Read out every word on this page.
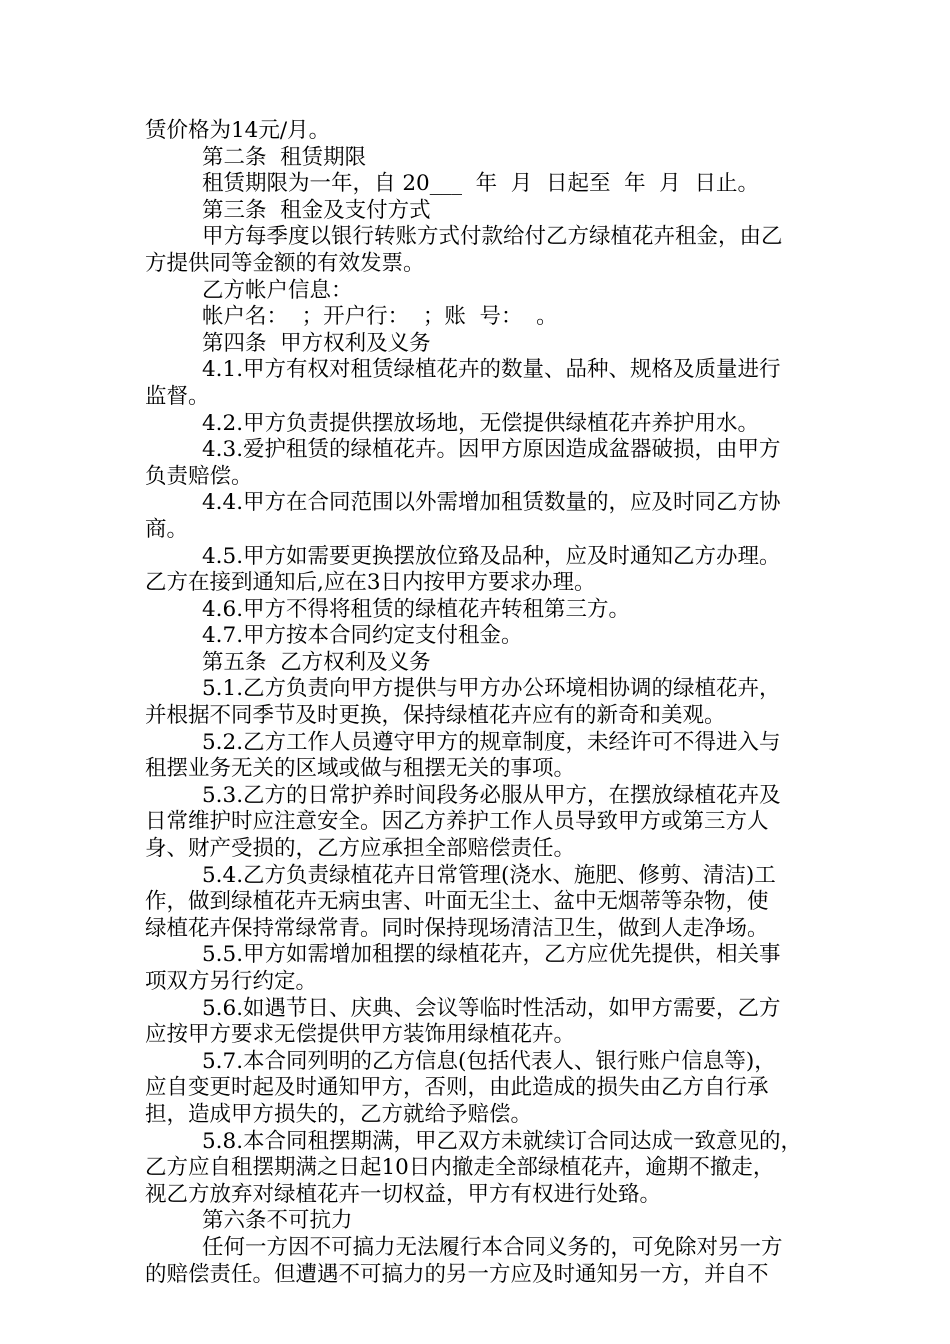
赁价格为14元/月。
第二条  租赁期限
租赁期限为一年，自 20___  年  月  日起至  年  月  日止。
第三条  租金及支付方式
甲方每季度以银行转账方式付款给付乙方绿植花卉租金，由乙
方提供同等金额的有效发票。
乙方帐户信息：
帐户名：  ；开户行：  ；账  号：  。
第四条  甲方权利及义务
4.1.甲方有权对租赁绿植花卉的数量、品种、规格及质量进行
监督。
4.2.甲方负责提供摆放场地，无偿提供绿植花卉养护用水。
4.3.爱护租赁的绿植花卉。因甲方原因造成盆器破损，由甲方
负责赔偿。
4.4.甲方在合同范围以外需增加租赁数量的，应及时同乙方协
商。
4.5.甲方如需要更换摆放位臵及品种，应及时通知乙方办理。
乙方在接到通知后,应在3日内按甲方要求办理。
4.6.甲方不得将租赁的绿植花卉转租第三方。
4.7.甲方按本合同约定支付租金。
第五条  乙方权利及义务
5.1.乙方负责向甲方提供与甲方办公环境相协调的绿植花卉，
并根据不同季节及时更换，保持绿植花卉应有的新奇和美观。
5.2.乙方工作人员遵守甲方的规章制度，未经许可不得进入与
租摆业务无关的区域或做与租摆无关的事项。
5.3.乙方的日常护养时间段务必服从甲方，在摆放绿植花卉及
日常维护时应注意安全。因乙方养护工作人员导致甲方或第三方人
身、财产受损的，乙方应承担全部赔偿责任。
5.4.乙方负责绿植花卉日常管理(浇水、施肥、修剪、清洁)工
作，做到绿植花卉无病虫害、叶面无尘土、盆中无烟蒂等杂物，使
绿植花卉保持常绿常青。同时保持现场清洁卫生，做到人走净场。
5.5.甲方如需增加租摆的绿植花卉，乙方应优先提供，相关事
项双方另行约定。
5.6.如遇节日、庆典、会议等临时性活动，如甲方需要，乙方
应按甲方要求无偿提供甲方装饰用绿植花卉。
5.7.本合同列明的乙方信息(包括代表人、银行账户信息等)，
应自变更时起及时通知甲方，否则，由此造成的损失由乙方自行承
担，造成甲方损失的，乙方就给予赔偿。
5.8.本合同租摆期满，甲乙双方未就续订合同达成一致意见的，
乙方应自租摆期满之日起10日内撤走全部绿植花卉，逾期不撤走，
视乙方放弃对绿植花卉一切权益，甲方有权进行处臵。
第六条不可抗力
任何一方因不可搞力无法履行本合同义务的，可免除对另一方
的赔偿责任。但遭遇不可搞力的另一方应及时通知另一方，并自不
